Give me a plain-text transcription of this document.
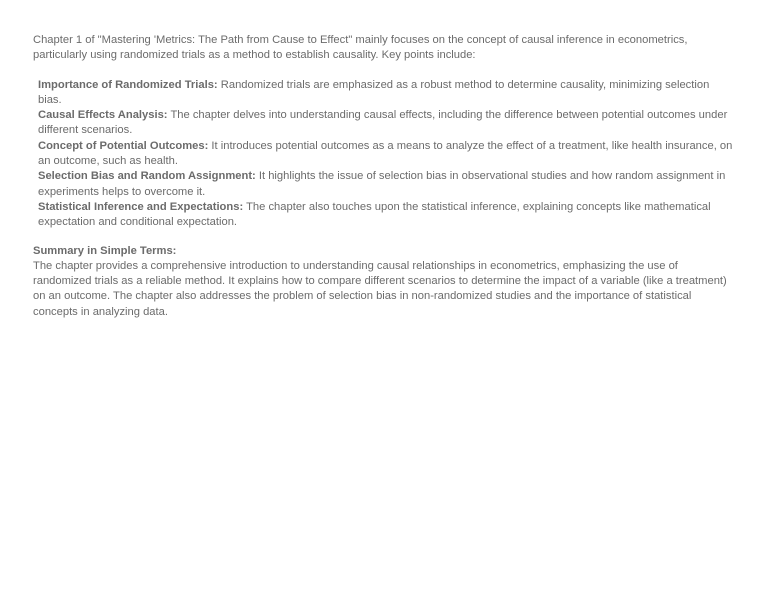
Chapter 1 of "Mastering 'Metrics: The Path from Cause to Effect" mainly focuses on the concept of causal inference in econometrics, particularly using randomized trials as a method to establish causality. Key points include:

Importance of Randomized Trials: Randomized trials are emphasized as a robust method to determine causality, minimizing selection bias.
Causal Effects Analysis: The chapter delves into understanding causal effects, including the difference between potential outcomes under different scenarios.
Concept of Potential Outcomes: It introduces potential outcomes as a means to analyze the effect of a treatment, like health insurance, on an outcome, such as health.
Selection Bias and Random Assignment: It highlights the issue of selection bias in observational studies and how random assignment in experiments helps to overcome it.
Statistical Inference and Expectations: The chapter also touches upon the statistical inference, explaining concepts like mathematical expectation and conditional expectation.

Summary in Simple Terms:

The chapter provides a comprehensive introduction to understanding causal relationships in econometrics, emphasizing the use of randomized trials as a reliable method. It explains how to compare different scenarios to determine the impact of a variable (like a treatment) on an outcome. The chapter also addresses the problem of selection bias in non-randomized studies and the importance of statistical concepts in analyzing data.
